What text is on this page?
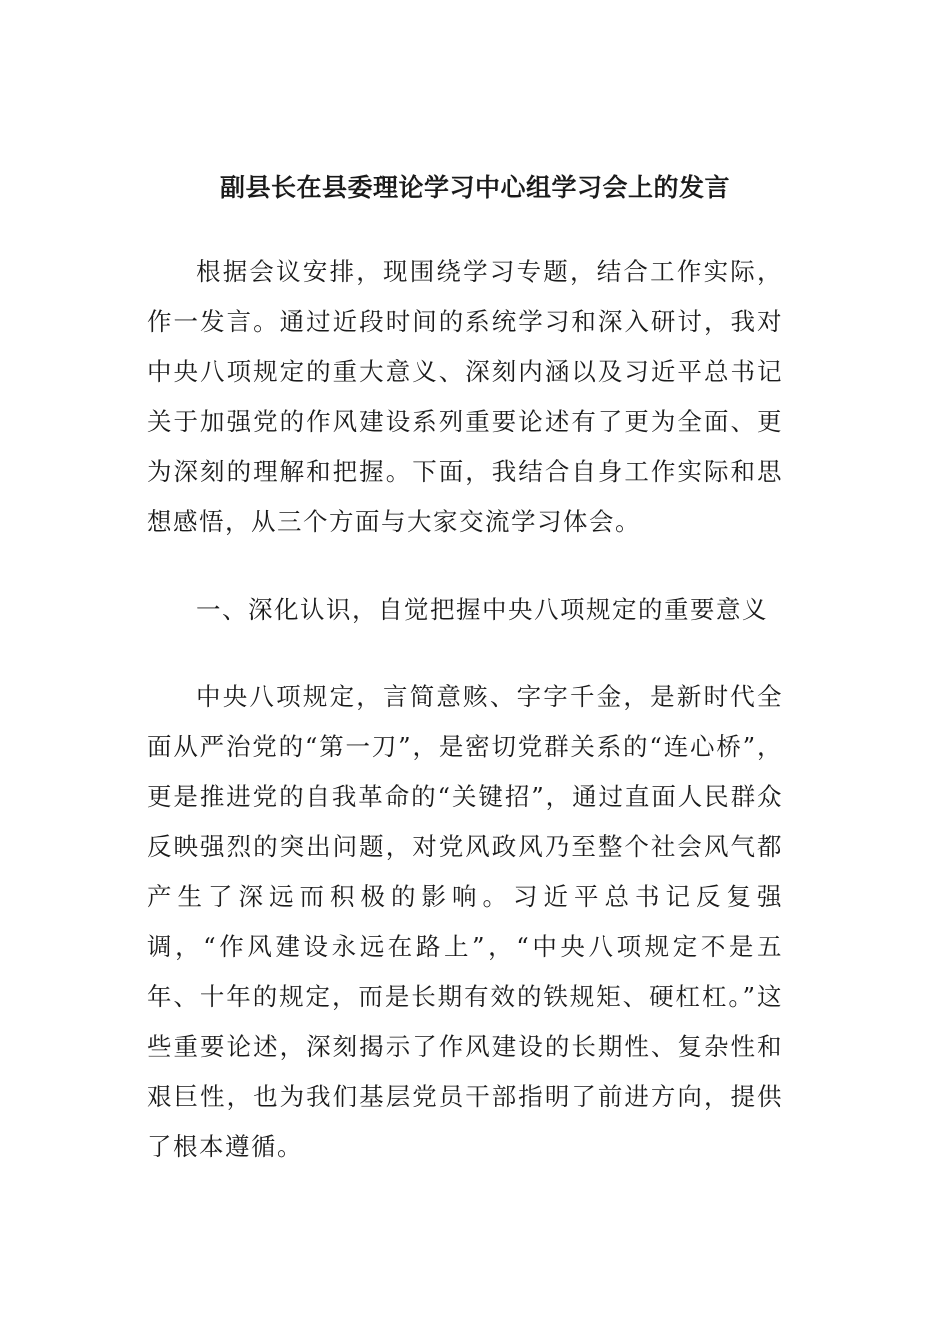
副县长在县委理论学习中心组学习会上的发言

根据会议安排，现围绕学习专题，结合工作实际，作一发言。通过近段时间的系统学习和深入研讨，我对中央八项规定的重大意义、深刻内涵以及习近平总书记关于加强党的作风建设系列重要论述有了更为全面、更为深刻的理解和把握。下面，我结合自身工作实际和思想感悟，从三个方面与大家交流学习体会。

一、深化认识，自觉把握中央八项规定的重要意义

中央八项规定，言简意赅、字字千金，是新时代全面从严治党的“第一刀”，是密切党群关系的“连心桥”，更是推进党的自我革命的“关键招”，通过直面人民群众反映强烈的突出问题，对党风政风乃至整个社会风气都产生了深远而积极的影响。习近平总书记反复强调，“作风建设永远在路上”，“中央八项规定不是五年、十年的规定，而是长期有效的铁规矩、硬杠杠。”这些重要论述，深刻揭示了作风建设的长期性、复杂性和艰巨性，也为我们基层党员干部指明了前进方向，提供了根本遵循。
